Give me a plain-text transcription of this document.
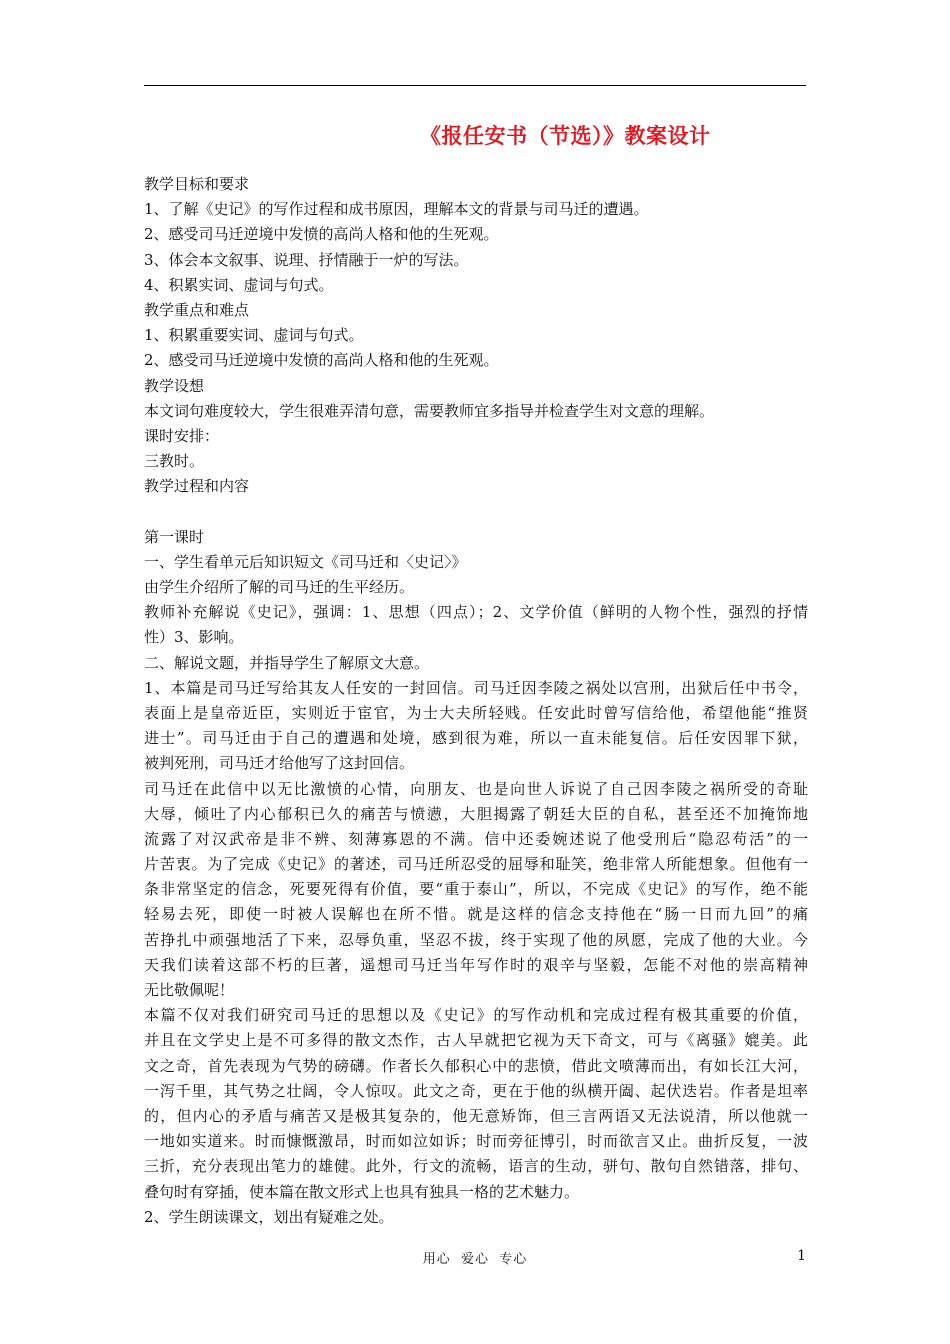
《报任安书（节选）》教案设计
教学目标和要求
1、了解《史记》的写作过程和成书原因，理解本文的背景与司马迁的遭遇。
2、感受司马迁逆境中发愤的高尚人格和他的生死观。
3、体会本文叙事、说理、抒情融于一炉的写法。
4、积累实词、虚词与句式。
教学重点和难点
1、积累重要实词、虚词与句式。
2、感受司马迁逆境中发愤的高尚人格和他的生死观。
教学设想
本文词句难度较大，学生很难弄清句意，需要教师宜多指导并检查学生对文意的理解。
课时安排：
三教时。
教学过程和内容
第一课时
一、学生看单元后知识短文《司马迁和〈史记〉》
由学生介绍所了解的司马迁的生平经历。
教师补充解说《史记》，强调：1、思想（四点）；2、文学价值（鲜明的人物个性，强烈的抒情
性）3、影响。
二、解说文题，并指导学生了解原文大意。
1、本篇是司马迁写给其友人任安的一封回信。司马迁因李陵之祸处以宫刑，出狱后任中书令，
表面上是皇帝近臣，实则近于宦官，为士大夫所轻贱。任安此时曾写信给他，希望他能“推贤
进士”。司马迁由于自己的遭遇和处境，感到很为难，所以一直未能复信。后任安因罪下狱，
被判死刑，司马迁才给他写了这封回信。
司马迁在此信中以无比激愤的心情，向朋友、也是向世人诉说了自己因李陵之祸所受的奇耻
大辱，倾吐了内心郁积已久的痛苦与愤懑，大胆揭露了朝廷大臣的自私，甚至还不加掩饰地
流露了对汉武帝是非不辨、刻薄寡恩的不满。信中还委婉述说了他受刑后“隐忍苟活”的一
片苦衷。为了完成《史记》的著述，司马迁所忍受的屈辱和耻笑，绝非常人所能想象。但他有一
条非常坚定的信念，死要死得有价值，要“重于泰山”，所以，不完成《史记》的写作，绝不能
轻易去死，即使一时被人误解也在所不惜。就是这样的信念支持他在“肠一日而九回”的痛
苦挣扎中顽强地活了下来，忍辱负重，坚忍不拔，终于实现了他的夙愿，完成了他的大业。今
天我们读着这部不朽的巨著，遥想司马迁当年写作时的艰辛与坚毅，怎能不对他的崇高精神
无比敬佩呢！
本篇不仅对我们研究司马迁的思想以及《史记》的写作动机和完成过程有极其重要的价值，
并且在文学史上是不可多得的散文杰作，古人早就把它视为天下奇文，可与《离骚》媲美。此
文之奇，首先表现为气势的磅礴。作者长久郁积心中的悲愤，借此文喷薄而出，有如长江大河，
一泻千里，其气势之壮阔，令人惊叹。此文之奇，更在于他的纵横开阖、起伏迭岩。作者是坦率
的，但内心的矛盾与痛苦又是极其复杂的，他无意矫饰，但三言两语又无法说清，所以他就一
一地如实道来。时而慷慨激昂，时而如泣如诉；时而旁征博引，时而欲言又止。曲折反复，一波
三折，充分表现出笔力的雄健。此外，行文的流畅，语言的生动，骈句、散句自然错落，排句、
叠句时有穿插，使本篇在散文形式上也具有独具一格的艺术魅力。
2、学生朗读课文，划出有疑难之处。
用心  爱心  专心	1
